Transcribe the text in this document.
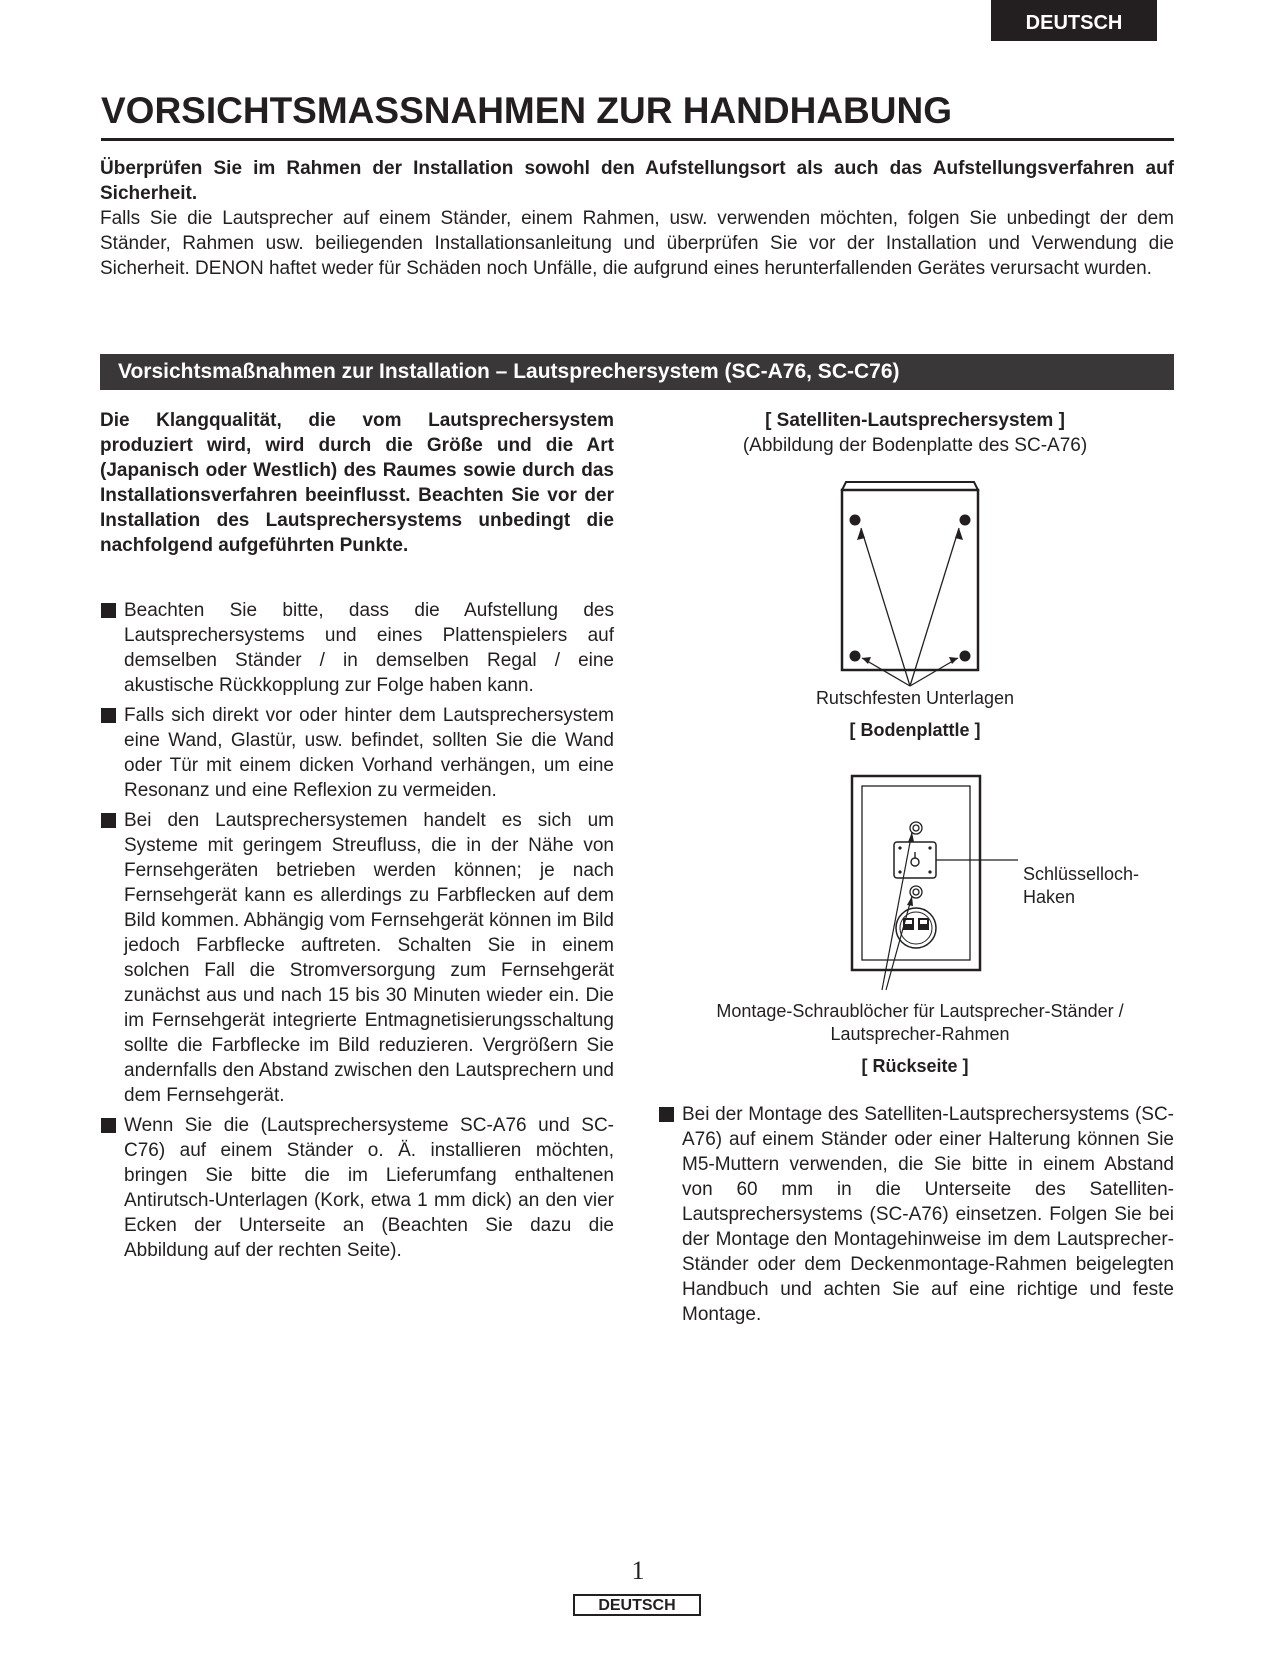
DEUTSCH
VORSICHTSMASSNAHMEN ZUR HANDHABUNG
Überprüfen Sie im Rahmen der Installation sowohl den Aufstellungsort als auch das Aufstellungsverfahren auf Sicherheit.
Falls Sie die Lautsprecher auf einem Ständer, einem Rahmen, usw. verwenden möchten, folgen Sie unbedingt der dem Ständer, Rahmen usw. beiliegenden Installationsanleitung und überprüfen Sie vor der Installation und Verwendung die Sicherheit. DENON haftet weder für Schäden noch Unfälle, die aufgrund eines herunterfallenden Gerätes verursacht wurden.
Vorsichtsmaßnahmen zur Installation – Lautsprechersystem (SC-A76, SC-C76)

Die Klangqualität, die vom Lautsprechersystem produziert wird, wird durch die Größe und die Art (Japanisch oder Westlich) des Raumes sowie durch das Installationsverfahren beeinflusst. Beachten Sie vor der Installation des Lautsprechersystems unbedingt die nachfolgend aufgeführten Punkte.

Beachten Sie bitte, dass die Aufstellung des Lautsprechersystems und eines Plattenspielers auf demselben Ständer / in demselben Regal / eine akustische Rückkopplung zur Folge haben kann.

Falls sich direkt vor oder hinter dem Lautsprechersystem eine Wand, Glastür, usw. befindet, sollten Sie die Wand oder Tür mit einem dicken Vorhand verhängen, um eine Resonanz und eine Reflexion zu vermeiden.

Bei den Lautsprechersystemen handelt es sich um Systeme mit geringem Streufluss, die in der Nähe von Fernsehgeräten betrieben werden können; je nach Fernsehgerät kann es allerdings zu Farbflecken auf dem Bild kommen. Abhängig vom Fernsehgerät können im Bild jedoch Farbflecke auftreten. Schalten Sie in einem solchen Fall die Stromversorgung zum Fernsehgerät zunächst aus und nach 15 bis 30 Minuten wieder ein. Die im Fernsehgerät integrierte Entmagnetisierungsschaltung sollte die Farbflecke im Bild reduzieren. Vergrößern Sie andernfalls den Abstand zwischen den Lautsprechern und dem Fernsehgerät.

Wenn Sie die (Lautsprechersysteme SC-A76 und SC-C76) auf einem Ständer o. Ä. installieren möchten, bringen Sie bitte die im Lieferumfang enthaltenen Antirutsch-Unterlagen (Kork, etwa 1 mm dick) an den vier Ecken der Unterseite an (Beachten Sie dazu die Abbildung auf der rechten Seite).

[ Satelliten-Lautsprechersystem ]
(Abbildung der Bodenplatte des SC-A76)
Rutschfesten Unterlagen
[ Bodenplattle ]
Schlüsselloch-
Haken
Montage-Schraublöcher für Lautsprecher-Ständer /
Lautsprecher-Rahmen
[ Rückseite ]

Bei der Montage des Satelliten-Lautsprechersystems (SC-A76) auf einem Ständer oder einer Halterung können Sie M5-Muttern verwenden, die Sie bitte in einem Abstand von 60 mm in die Unterseite des Satelliten-Lautsprechersystems (SC-A76) einsetzen. Folgen Sie bei der Montage den Montagehinweise im dem Lautsprecher-Ständer oder dem Deckenmontage-Rahmen beigelegten Handbuch und achten Sie auf eine richtige und feste Montage.

1
DEUTSCH
